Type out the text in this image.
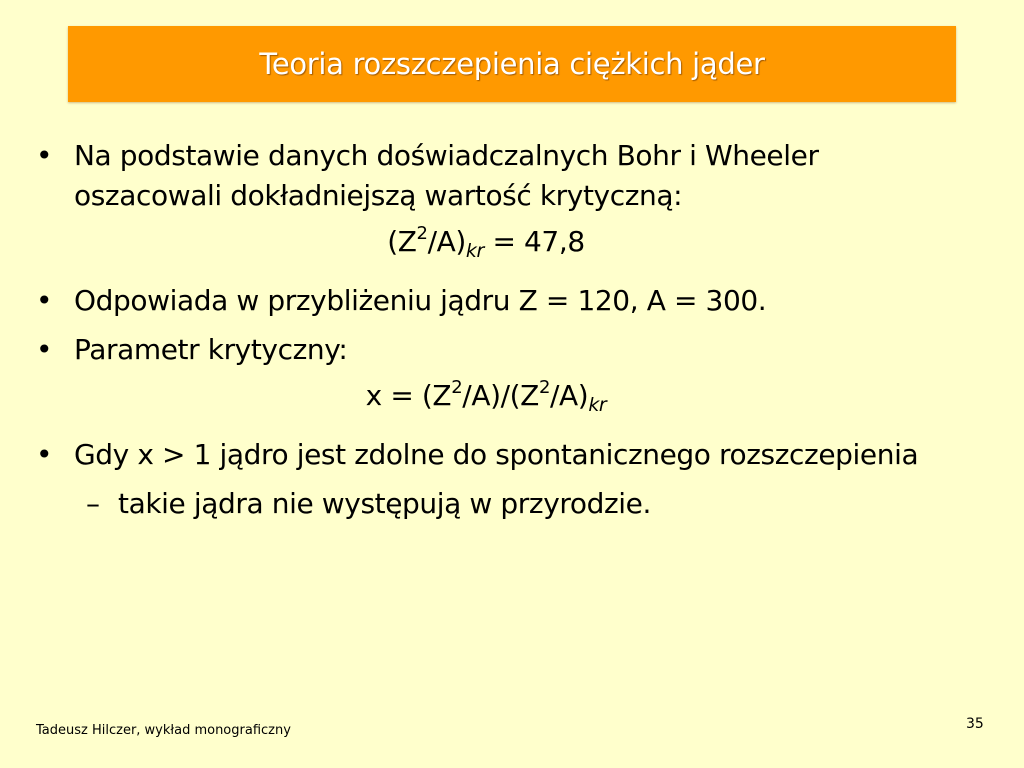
Teoria rozszczepienia ciężkich jąder
• Na podstawie danych doświadczalnych Bohr i Wheeler oszacowali dokładniejszą wartość krytyczną:
$(Z^2/A)_{kr} = 47,8$
• Odpowiada w przybliżeniu jądru Z = 120, A = 300.
• Parametr krytyczny:
$x = (Z^2/A)/(Z^2/A)_{kr}$
• Gdy x > 1 jądro jest zdolne do spontanicznego rozszczepienia
– takie jądra nie występują w przyrodzie.
Tadeusz Hilczer, wykład monograficzny	35
